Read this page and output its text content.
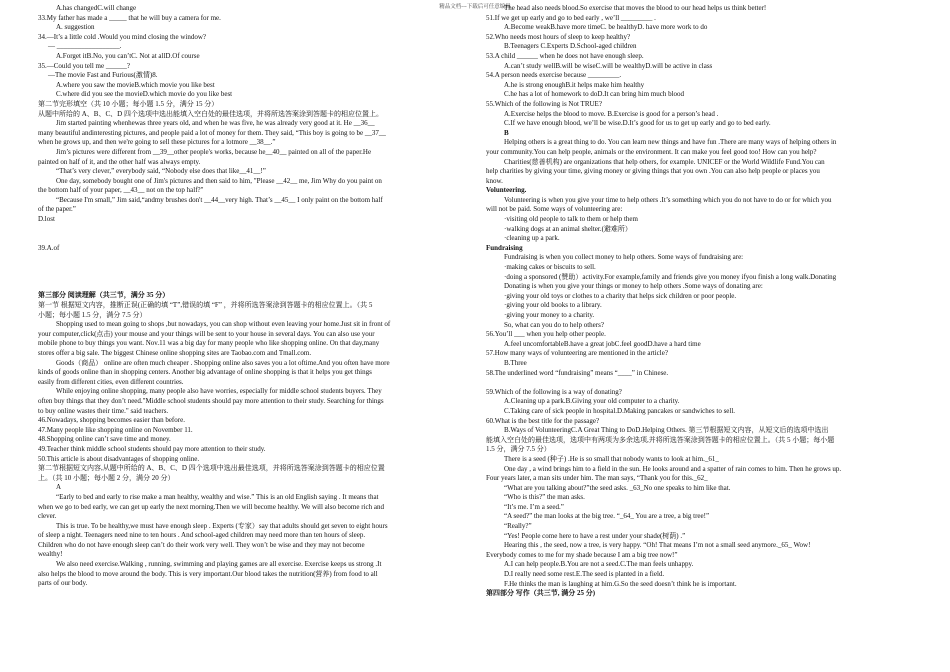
精品文档---下载后可任意编辑
A.has changedC.will change
33.My father has made a _____ that he will buy a camera for me.
A. suggestion
34.—It’s a little cold .Would you mind closing the window?
— __________________.
A.Forget itB.No, you can’tC. Not at allD.Of course
35.—Could you tell me ______?
—The movie Fast and Furious(激情)8.
A.where you saw the movieB.which movie you like best
C.where did you see the movieD.which movie do you like best
第二节完形填空（共 10 小题；每小题 1.5 分，满分 15 分）
从题中所给的 A、B、C、D 四个选项中选出能填入空白处的最佳选项，并将所选答案涂到答题卡的相应位置上。
Jim started painting whenhewas three years old, and when he was five, he was already very good at it. He __36__
many beautiful andinteresting pictures, and people paid a lot of money for them. They said, “This boy is going to be __37__
when he grows up, and then we're going to sell these pictures for a lotmore __38__.”
Jim’s pictures were different from __39__other people's works, because he__40__ painted on all of the paper.He
painted on half of it, and the other half was always empty.
“That’s very clever,” everybody said, “Nobody else does that like__41__!”
One day, somebody bought one of Jim's pictures and then said to him, "Please __42__ me, Jim Why do you paint on
the bottom half of your paper, __43__ not on the top half?"
“Because I'm small,” Jim said,“andmy brushes don't __44__very high. That’s __45__ I only paint on the bottom half
of the paper.”
D.lost
39.A.of
第三部分 阅读理解（共三节，满分 35 分）
第一节 根据短文内容，推断正误(正确的填 “T”,错误的填 “F” ，并将所选答案涂到答题卡的相应位置上。（共 5
小题；每小题 1.5 分，满分 7.5 分）
Shopping used to mean going to shops ,but nowadays, you can shop without even leaving your home.Just sit in front of
your computer,click(点击) your mouse and your things will be sent to your house in several days. You can also use your
mobile phone to buy things you want. Nov.11 was a big day for many people who like shopping online. On that day,many
stores offer a big sale. The biggest Chinese online shopping sites are Taobao.com and Tmall.com.
Goods（商品） online are often much cheaper . Shopping online also saves you a lot oftime.And you often have more
kinds of goods online than in shopping centers. Another big advantage of online shopping is that it helps you get things
easily from different cities, even different countries.
While enjoying online shopping, many people also have worries, especially for middle school students buyers. They
often buy things that they don’t need."Middle school students should pay more attention to their study. Searching for things
to buy online wastes their time." said teachers.
46.Nowadays, shopping becomes easier than before.
47.Many people like shopping online on November 11.
48.Shopping online can’t save time and money.
49.Teacher think middle school students should pay more attention to their study.
50.This article is about disadvantages of shopping online.
第二节根据短文内容,从题中所给的 A、B、C、D 四个选项中选出最佳选项，并将所选答案涂到答题卡的相应位置
上。（共 10 小题；每小题 2 分，满分 20 分）
A
“Early to bed and early to rise make a man healthy, wealthy and wise.” This is an old English saying . It means that
when we go to bed early, we can get up early the next morning.Then we will become healthy. We will also become rich and
clever.
This is true. To be healthy,we must have enough sleep . Experts (专家）say that adults should get seven to eight hours
of sleep a night. Teenagers need nine to ten hours . And school-aged children may need more than ten hours of sleep.
Children who do not have enough sleep can’t do their work very well. They won’t be wise and they may not become
wealthy!
We also need exercise.Walking , running, swimming and playing games are all exercise. Exercise keeps us strong .It
also helps the blood to move around the body. This is very important.Our blood takes the nutrition(营养) from food to all
parts of our body.
The head also needs blood.So exercise that moves the blood to our head helps us think better!
51.If we get up early and go to bed early , we’ll _________ .
A.Become weakB.have more timeC. be healthyD. have more work to do
52.Who needs most hours of sleep to keep healthy?
B.Teenagers C.Experts D.School-aged children
53.A child ______ when he does not have enough sleep.
A.can’t study wellB.will be wiseC.will be wealthyD.will be active in class
54.A person needs exercise because _________.
A.he is strong enoughB.it helps make him healthy
C.he has a lot of homework to doD.It can bring him much blood
55.Which of the following is Not TRUE?
A.Exercise helps the blood to move. B.Exercise is good for a person’s head .
C.If we have enough blood, we’ll be wise.D.It’s good for us to get up early and go to bed early.
B
Helping others is a great thing to do. You can learn new things and have fun .There are many ways of helping others in
your community.You can help people, animals or the environment. It can make you feel good too! How can you help?
Charities(慈善机构) are organizations that help others, for example. UNICEF or the World Wildlife Fund.You can
help charities by giving your time, giving money or giving things that you own .You can also help people or places you
know.
Volunteering.
Volunteering is when you give your time to help others .It’s something which you do not have to do or for which you
will not be paid. Some ways of volunteering are:
·visiting old people to talk to them or help them
·walking dogs at an animal shelter.(避难所）
·cleaning up a park.
Fundraising
Fundraising is when you collect money to help others. Some ways of fundraising are:
·making cakes or biscuits to sell.
·doing a sponsored (赞助）activity.For example,family and friends give you money ifyou finish a long walk.Donating
Donating is when you give your things or money to help others .Some ways of donating are:
·giving your old toys or clothes to a charity that helps sick children or poor people.
·giving your old books to a library.
·giving your money to a charity.
So, what can you do to help others?
56.You’ll ___ when you help other people.
A.feel uncomfortableB.have a great jobC.feel goodD.have a hard time
57.How many ways of volunteering are mentioned in the article?
B.Three
58.The underlined word “fundraising” means “____” in Chinese.
59.Which of the following is a way of donating?
A.Cleaning up a park.B.Giving your old computer to a charity.
C.Taking care of sick people in hospital.D.Making pancakes or sandwiches to sell.
60.What is the best title for the passage?
B.Ways of VolunteeringC.A Great Thing to DoD.Helping Others. 第三节根据短文内容，从短文后的选项中选出
能填入空白处的最佳选项，选项中有两项为多余选项,并将所选答案涂到答题卡的相应位置上。（共 5 小题；每小题
1.5 分，满分 7.5 分）
There is a seed (种子) .He is so small that nobody wants to look at him._61_
One day , a wind brings him to a field in the sun. He looks around and a spatter of rain comes to him. Then he grows up.
Four years later, a man sits under him. The man says, “Thank you for this._62_
“What are you talking about?”the seed asks. _63_No one speaks to him like that.
“Who is this?” the man asks.
“It’s me. I’m a seed.”
“A seed?” the man looks at the big tree. “_64_ You are a tree, a big tree!”
“Really?”
“Yes! People come here to have a rest under your shade(树荫) .”
Hearing this , the seed, now a tree, is very happy. “Oh! That means I’m not a small seed anymore._65_ Wow!
Everybody comes to me for my shade because I am a big tree now!”
A.I can help people.B.You are not a seed.C.The man feels unhappy.
D.I really need some rest.E.The seed is planted in a field.
F.He thinks the man is laughing at him.G.So the seed doesn’t think he is important.
第四部分 写作（共三节, 满分 25 分)
